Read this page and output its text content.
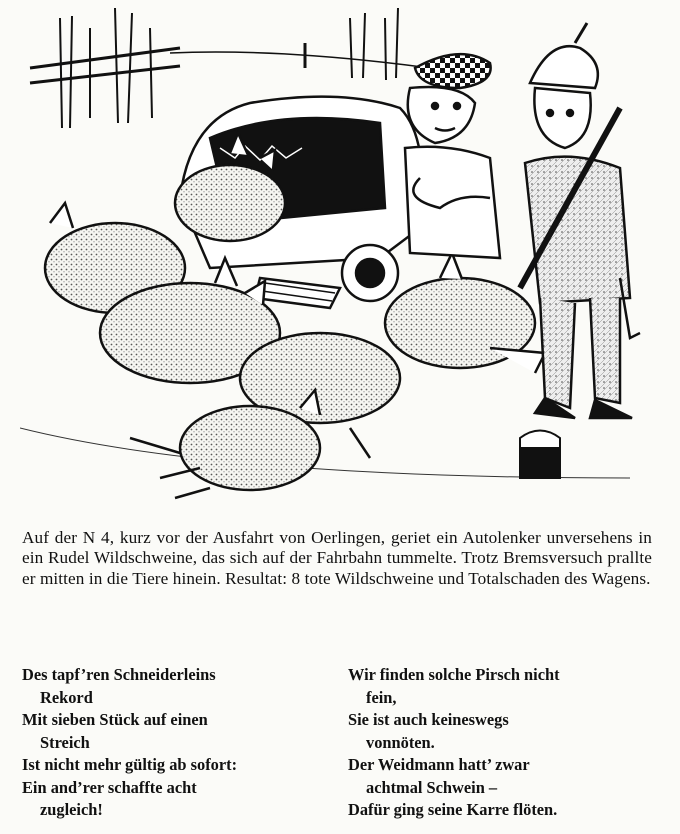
Auf der N 4, kurz vor der Ausfahrt von Oerlingen, geriet ein Autolenker unversehens in ein Rudel Wildschweine, das sich auf der Fahrbahn tummelte. Trotz Bremsversuch prallte er mitten in die Tiere hinein. Resultat: 8 tote Wildschweine und Totalschaden des Wagens.
Des tapf’ren Schneiderleins
Rekord
Mit sieben Stück auf einen
Streich
Ist nicht mehr gültig ab sofort:
Ein and’rer schaffte acht
zugleich!
Wir finden solche Pirsch nicht
fein,
Sie ist auch keineswegs
vonnöten.
Der Weidmann hatt’ zwar
achtmal Schwein –
Dafür ging seine Karre flöten.
